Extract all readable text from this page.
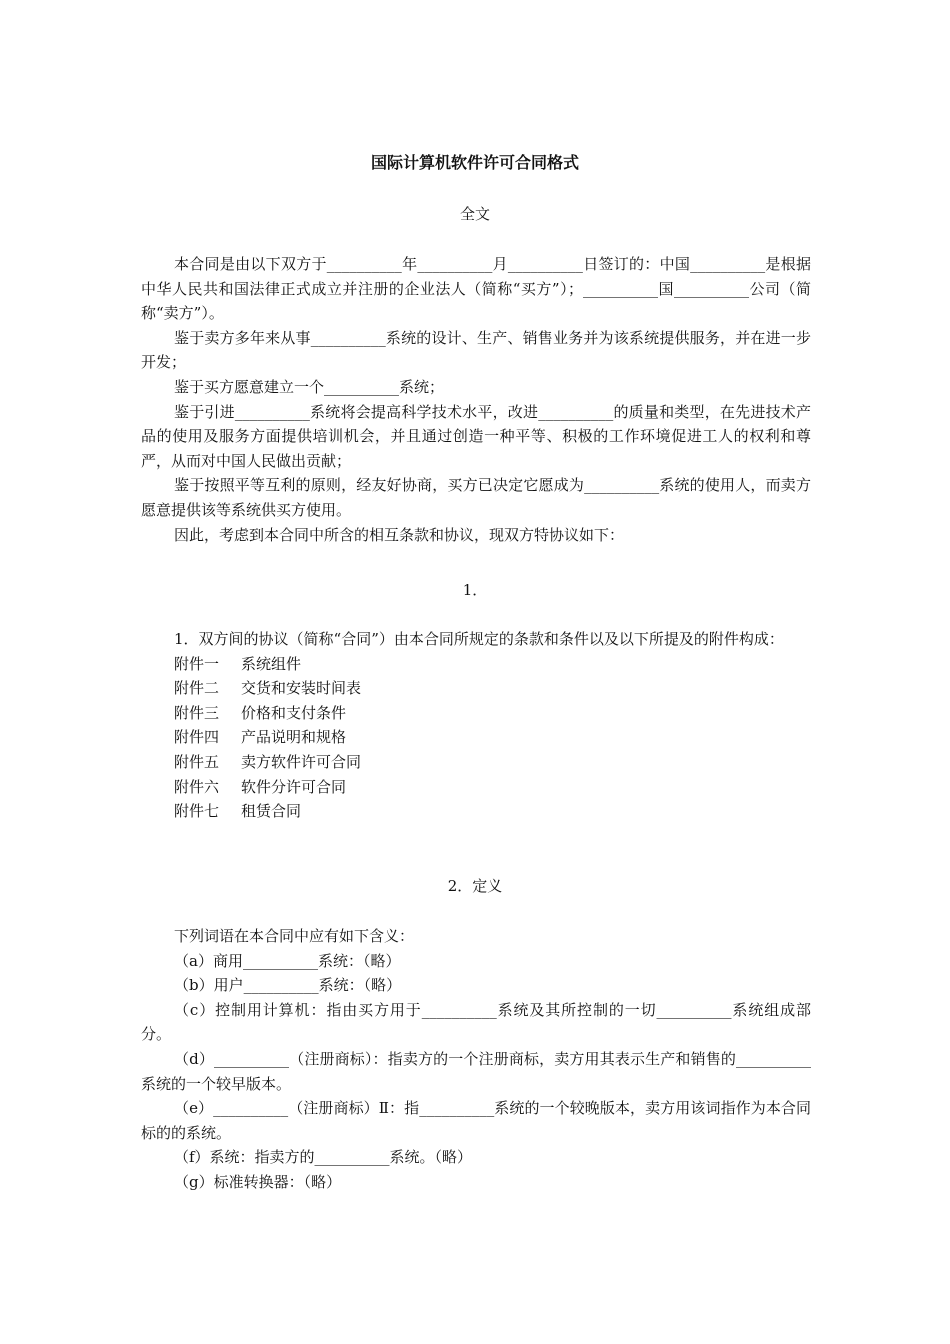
国际计算机软件许可合同格式
全文

本合同是由以下双方于__________年__________月__________日签订的：中国__________是根据中华人民共和国法律正式成立并注册的企业法人（简称“买方”）；__________国__________公司（简称“卖方”）。

鉴于卖方多年来从事__________系统的设计、生产、销售业务并为该系统提供服务，并在进一步开发；

鉴于买方愿意建立一个__________系统；

鉴于引进__________系统将会提高科学技术水平，改进__________的质量和类型，在先进技术产品的使用及服务方面提供培训机会，并且通过创造一种平等、积极的工作环境促进工人的权利和尊严，从而对中国人民做出贡献；

鉴于按照平等互利的原则，经友好协商，买方已决定它愿成为__________系统的使用人，而卖方愿意提供该等系统供买方使用。

因此，考虑到本合同中所含的相互条款和协议，现双方特协议如下：

1．

1．双方间的协议（简称“合同”）由本合同所规定的条款和条件以及以下所提及的附件构成：

附件一 系统组件

附件二 交货和安装时间表

附件三 价格和支付条件

附件四 产品说明和规格

附件五 卖方软件许可合同

附件六 软件分许可合同

附件七 租赁合同

2．定义

下列词语在本合同中应有如下含义：

（a）商用__________系统：（略）

（b）用户__________系统：（略）

（c）控制用计算机：指由买方用于__________系统及其所控制的一切__________系统组成部分。

（d）__________（注册商标）：指卖方的一个注册商标，卖方用其表示生产和销售的__________系统的一个较早版本。

（e）__________（注册商标）Ⅱ：指__________系统的一个较晚版本，卖方用该词指作为本合同标的的系统。

（f）系统：指卖方的__________系统。（略）

（g）标准转换器：（略）
